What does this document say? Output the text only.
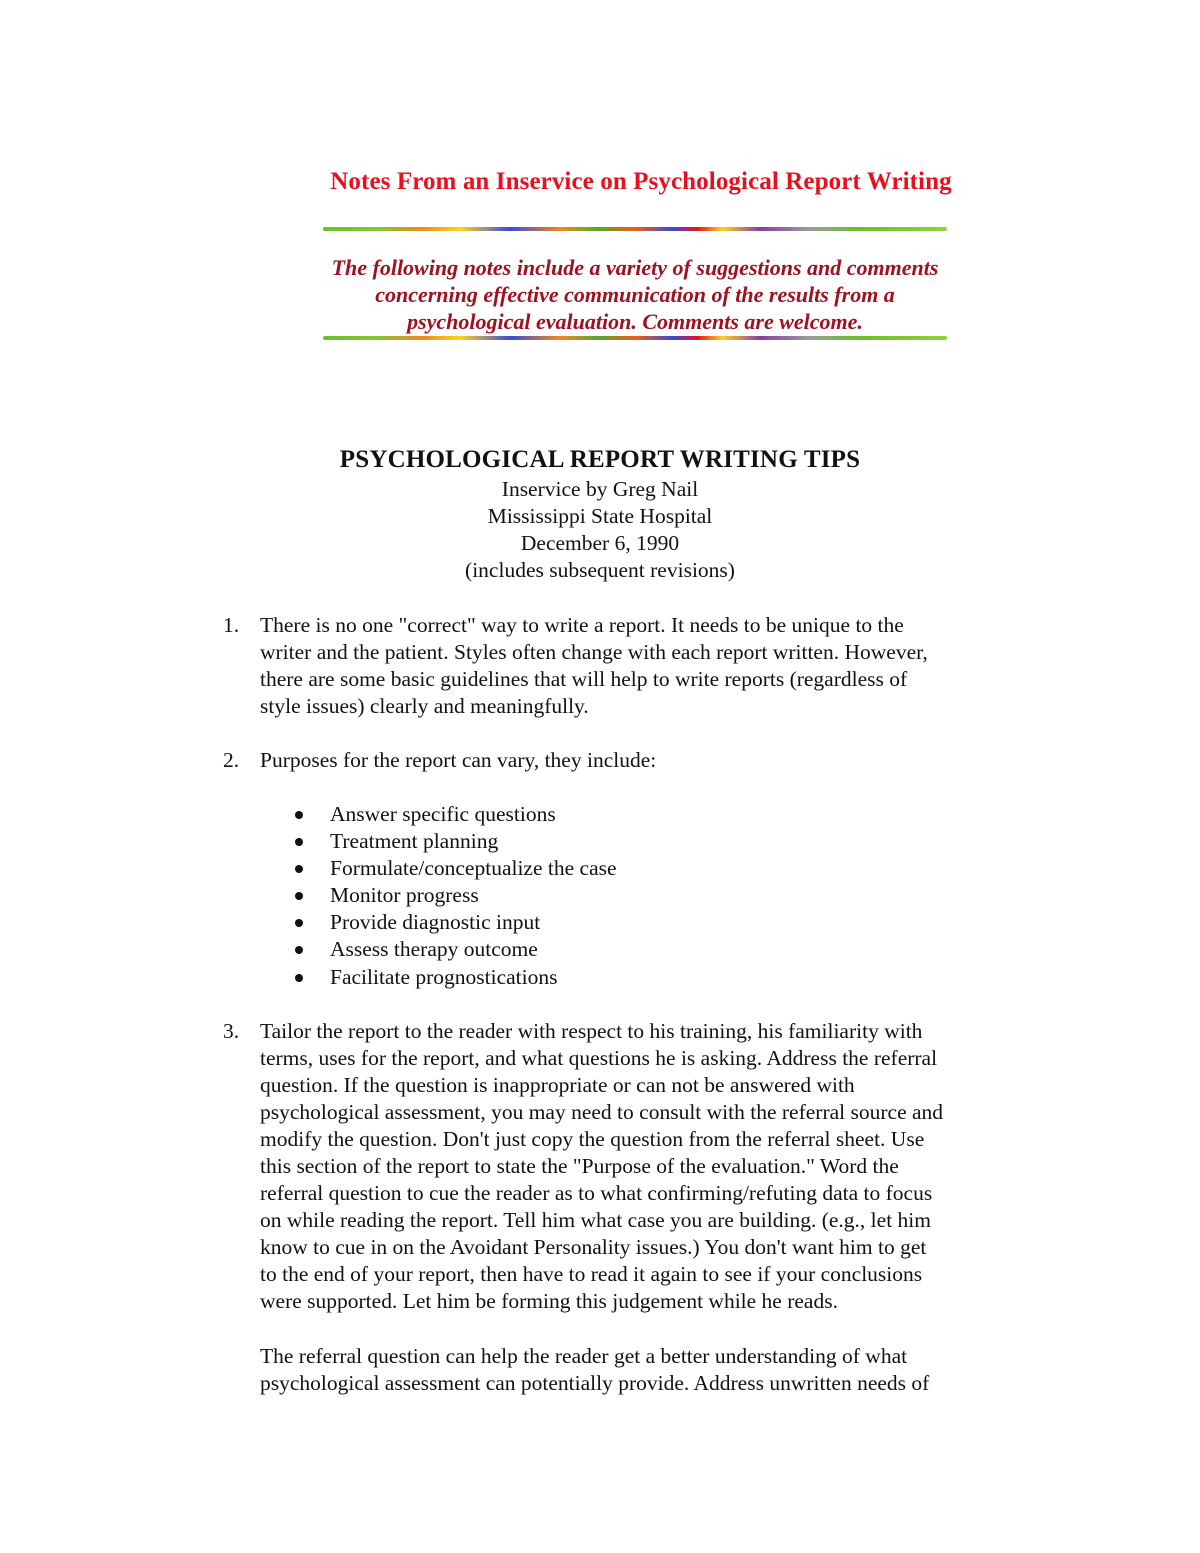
Notes From an Inservice on Psychological Report Writing
The following notes include a variety of suggestions and comments
concerning effective communication of the results from a
psychological evaluation. Comments are welcome.
PSYCHOLOGICAL REPORT WRITING TIPS
Inservice by Greg Nail
Mississippi State Hospital
December 6, 1990
(includes subsequent revisions)
1. There is no one "correct" way to write a report. It needs to be unique to the
writer and the patient. Styles often change with each report written. However,
there are some basic guidelines that will help to write reports (regardless of
style issues) clearly and meaningfully.
2. Purposes for the report can vary, they include:
Answer specific questions
Treatment planning
Formulate/conceptualize the case
Monitor progress
Provide diagnostic input
Assess therapy outcome
Facilitate prognostications
3. Tailor the report to the reader with respect to his training, his familiarity with
terms, uses for the report, and what questions he is asking. Address the referral
question. If the question is inappropriate or can not be answered with
psychological assessment, you may need to consult with the referral source and
modify the question. Don't just copy the question from the referral sheet. Use
this section of the report to state the "Purpose of the evaluation." Word the
referral question to cue the reader as to what confirming/refuting data to focus
on while reading the report. Tell him what case you are building. (e.g., let him
know to cue in on the Avoidant Personality issues.) You don't want him to get
to the end of your report, then have to read it again to see if your conclusions
were supported. Let him be forming this judgement while he reads.
The referral question can help the reader get a better understanding of what
psychological assessment can potentially provide. Address unwritten needs of
